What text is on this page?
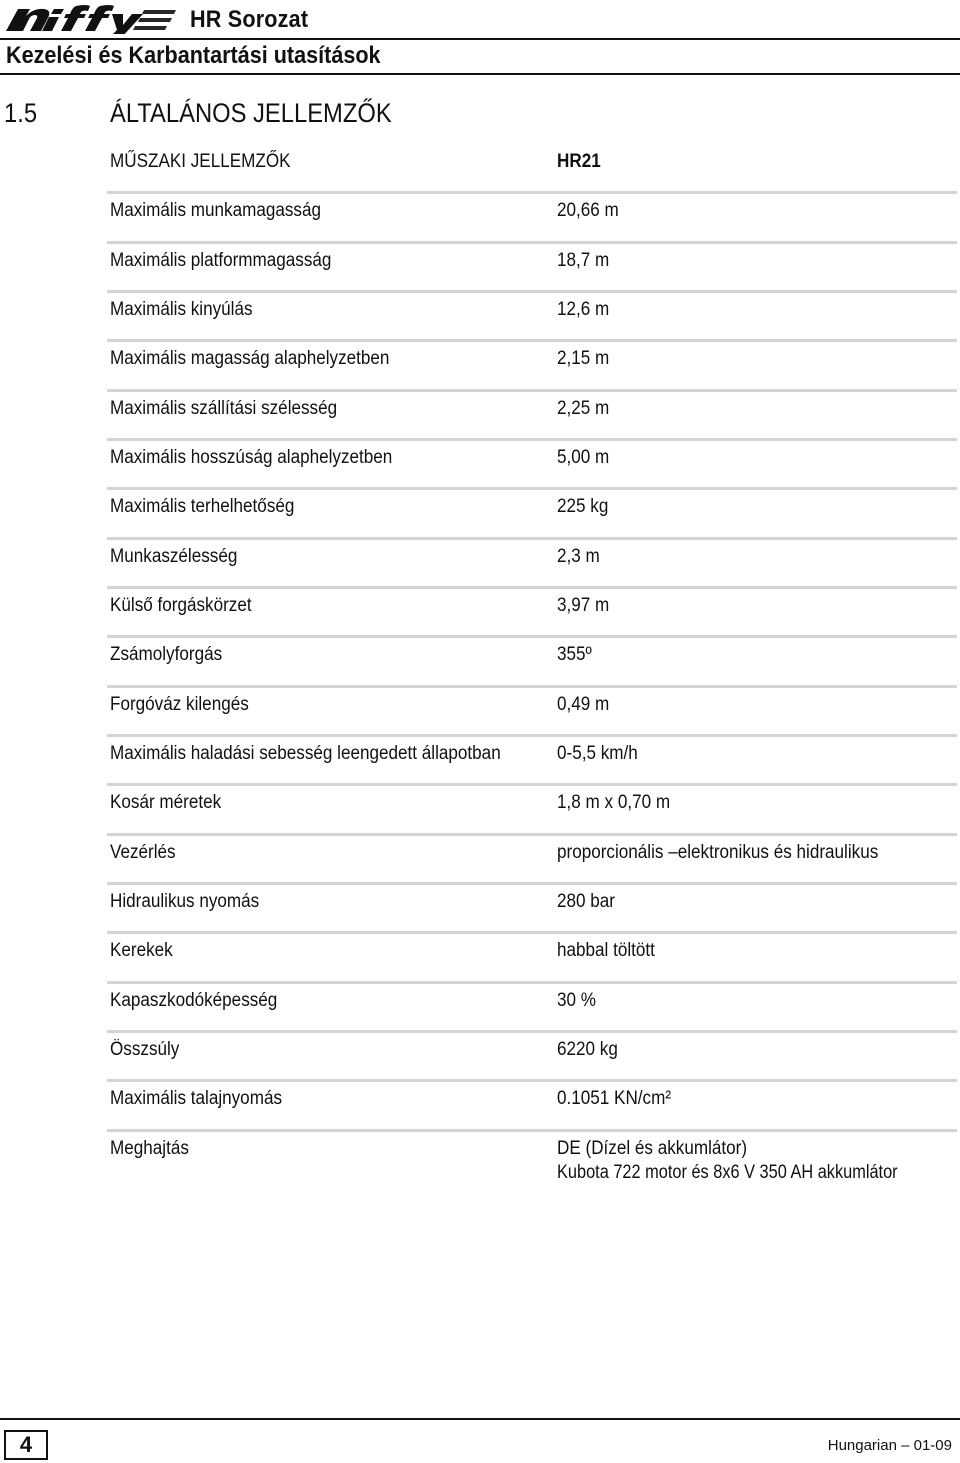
HR Sorozat
Kezelési és Karbantartási utasítások
1.5	ÁLTALÁNOS JELLEMZŐK
MŰSZAKI JELLEMZŐK	HR21
Maximális munkamagasság	20,66 m
Maximális platformmagasság	18,7 m
Maximális kinyúlás	12,6 m
Maximális magasság alaphelyzetben	2,15 m
Maximális szállítási szélesség	2,25 m
Maximális hosszúság alaphelyzetben	5,00 m
Maximális terhelhetőség	225 kg
Munkaszélesség	2,3 m
Külső forgáskörzet	3,97 m
Zsámolyforgás	355º
Forgóváz kilengés	0,49 m
Maximális haladási sebesség leengedett állapotban	0-5,5 km/h
Kosár méretek	1,8 m x 0,70 m
Vezérlés	proporcionális –elektronikus és hidraulikus
Hidraulikus nyomás	280 bar
Kerekek	habbal töltött
Kapaszkodóképesség	30 %
Összsúly	6220 kg
Maximális talajnyomás	0.1051 KN/cm²
Meghajtás	DE (Dízel és akkumlátor)
Kubota 722 motor és 8x6 V 350 AH akkumlátor
4	Hungarian – 01-09
